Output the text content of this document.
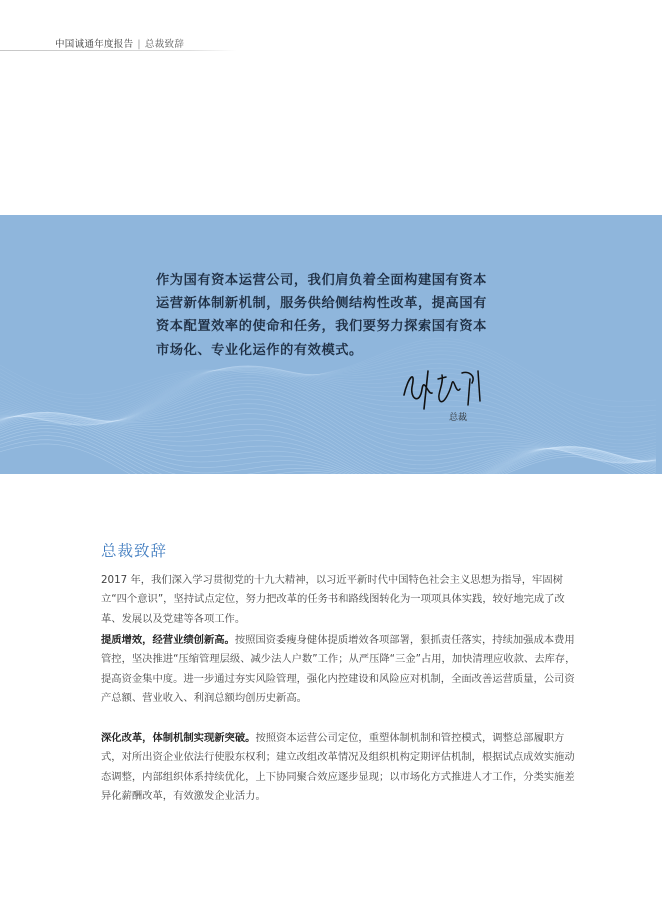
中国诚通年度报告 | 总裁致辞
作为国有资本运营公司，我们肩负着全面构建国有资本运营新体制新机制，服务供给侧结构性改革，提高国有资本配置效率的使命和任务，我们要努力探索国有资本市场化、专业化运作的有效模式。
总裁
总裁致辞

2017 年，我们深入学习贯彻党的十九大精神，以习近平新时代中国特色社会主义思想为指导，牢固树立“四个意识”，坚持试点定位，努力把改革的任务书和路线图转化为一项项具体实践，较好地完成了改革、发展以及党建等各项工作。

提质增效，经营业绩创新高。按照国资委瘦身健体提质增效各项部署，狠抓责任落实，持续加强成本费用管控，坚决推进“压缩管理层级、减少法人户数”工作；从严压降“三金”占用，加快清理应收款、去库存，提高资金集中度。进一步通过夯实风险管理，强化内控建设和风险应对机制，全面改善运营质量，公司资产总额、营业收入、利润总额均创历史新高。

深化改革，体制机制实现新突破。按照资本运营公司定位，重塑体制机制和管控模式，调整总部履职方式，对所出资企业依法行使股东权利；建立改组改革情况及组织机构定期评估机制，根据试点成效实施动态调整，内部组织体系持续优化，上下协同聚合效应逐步显现；以市场化方式推进人才工作，分类实施差异化薪酬改革，有效激发企业活力。
